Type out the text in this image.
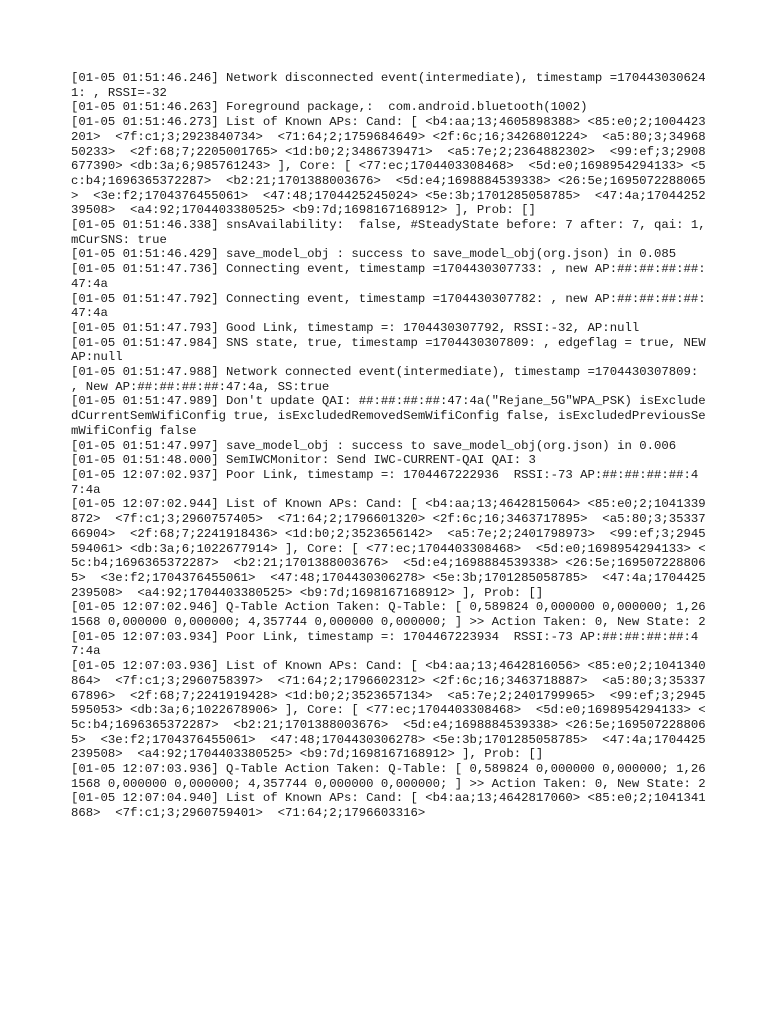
[01-05 01:51:46.246] Network disconnected event(intermediate), timestamp =1704430306241: , RSSI=-32

[01-05 01:51:46.263] Foreground package,:  com.android.bluetooth(1002)

[01-05 01:51:46.273] List of Known APs: Cand: [ <b4:aa;13;4605898388> <85:e0;2;1004423201>  <7f:c1;3;2923840734>  <71:64;2;1759684649> <2f:6c;16;3426801224>  <a5:80;3;3496850233>  <2f:68;7;2205001765> <1d:b0;2;3486739471>  <a5:7e;2;2364882302>  <99:ef;3;2908677390> <db:3a;6;985761243> ], Core: [ <77:ec;1704403308468>  <5d:e0;1698954294133> <5c:b4;1696365372287>  <b2:21;1701388003676>  <5d:e4;1698884539338> <26:5e;1695072288065>  <3e:f2;1704376455061>  <47:48;1704425245024> <5e:3b;1701285058785>  <47:4a;1704425239508>  <a4:92;1704403380525> <b9:7d;1698167168912> ], Prob: []

[01-05 01:51:46.338] snsAvailability:  false, #SteadyState before: 7 after: 7, qai: 1, mCurSNS: true

[01-05 01:51:46.429] save_model_obj : success to save_model_obj(org.json) in 0.085

[01-05 01:51:47.736] Connecting event, timestamp =1704430307733: , new AP:##:##:##:##:47:4a

[01-05 01:51:47.792] Connecting event, timestamp =1704430307782: , new AP:##:##:##:##:47:4a

[01-05 01:51:47.793] Good Link, timestamp =: 1704430307792, RSSI:-32, AP:null

[01-05 01:51:47.984] SNS state, true, timestamp =1704430307809: , edgeflag = true, NEW AP:null

[01-05 01:51:47.988] Network connected event(intermediate), timestamp =1704430307809: , New AP:##:##:##:##:47:4a, SS:true

[01-05 01:51:47.989] Don't update QAI: ##:##:##:##:47:4a("Rejane_5G"WPA_PSK) isExcludedCurrentSemWifiConfig true, isExcludedRemovedSemWifiConfig false, isExcludedPreviousSemWifiConfig false

[01-05 01:51:47.997] save_model_obj : success to save_model_obj(org.json) in 0.006

[01-05 01:51:48.000] SemIWCMonitor: Send IWC-CURRENT-QAI QAI: 3

[01-05 12:07:02.937] Poor Link, timestamp =: 1704467222936  RSSI:-73 AP:##:##:##:##:47:4a

[01-05 12:07:02.944] List of Known APs: Cand: [ <b4:aa;13;4642815064> <85:e0;2;1041339872>  <7f:c1;3;2960757405>  <71:64;2;1796601320> <2f:6c;16;3463717895>  <a5:80;3;3533766904>  <2f:68;7;2241918436> <1d:b0;2;3523656142>  <a5:7e;2;2401798973>  <99:ef;3;2945594061> <db:3a;6;1022677914> ], Core: [ <77:ec;1704403308468>  <5d:e0;1698954294133> <5c:b4;1696365372287>  <b2:21;1701388003676>  <5d:e4;1698884539338> <26:5e;1695072288065>  <3e:f2;1704376455061>  <47:48;1704430306278> <5e:3b;1701285058785>  <47:4a;1704425239508>  <a4:92;1704403380525> <b9:7d;1698167168912> ], Prob: []

[01-05 12:07:02.946] Q-Table Action Taken: Q-Table: [ 0,589824 0,000000 0,000000; 1,261568 0,000000 0,000000; 4,357744 0,000000 0,000000; ] >> Action Taken: 0, New State: 2

[01-05 12:07:03.934] Poor Link, timestamp =: 1704467223934  RSSI:-73 AP:##:##:##:##:47:4a

[01-05 12:07:03.936] List of Known APs: Cand: [ <b4:aa;13;4642816056> <85:e0;2;1041340864>  <7f:c1;3;2960758397>  <71:64;2;1796602312> <2f:6c;16;3463718887>  <a5:80;3;3533767896>  <2f:68;7;2241919428> <1d:b0;2;3523657134>  <a5:7e;2;2401799965>  <99:ef;3;2945595053> <db:3a;6;1022678906> ], Core: [ <77:ec;1704403308468>  <5d:e0;1698954294133> <5c:b4;1696365372287>  <b2:21;1701388003676>  <5d:e4;1698884539338> <26:5e;1695072288065>  <3e:f2;1704376455061>  <47:48;1704430306278> <5e:3b;1701285058785>  <47:4a;1704425239508>  <a4:92;1704403380525> <b9:7d;1698167168912> ], Prob: []

[01-05 12:07:03.936] Q-Table Action Taken: Q-Table: [ 0,589824 0,000000 0,000000; 1,261568 0,000000 0,000000; 4,357744 0,000000 0,000000; ] >> Action Taken: 0, New State: 2

[01-05 12:07:04.940] List of Known APs: Cand: [ <b4:aa;13;4642817060> <85:e0;2;1041341868>  <7f:c1;3;2960759401>  <71:64;2;1796603316>
